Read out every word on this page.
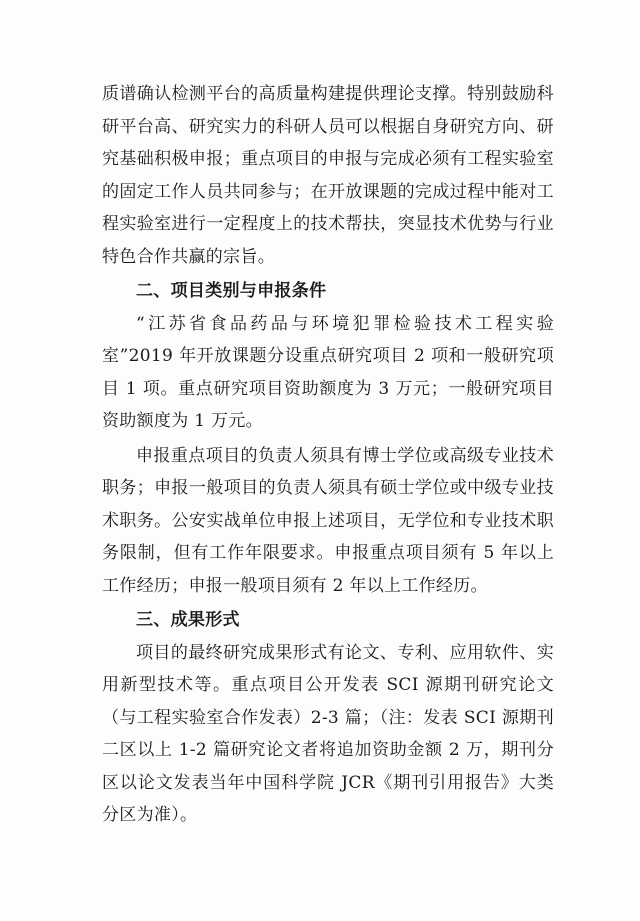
质谱确认检测平台的高质量构建提供理论支撑。特别鼓励科研平台高、研究实力的科研人员可以根据自身研究方向、研究基础积极申报；重点项目的申报与完成必须有工程实验室的固定工作人员共同参与；在开放课题的完成过程中能对工程实验室进行一定程度上的技术帮扶，突显技术优势与行业特色合作共赢的宗旨。

二、项目类别与申报条件

“江苏省食品药品与环境犯罪检验技术工程实验室”2019 年开放课题分设重点研究项目 2 项和一般研究项目 1 项。重点研究项目资助额度为 3 万元；一般研究项目资助额度为 1 万元。

申报重点项目的负责人须具有博士学位或高级专业技术职务；申报一般项目的负责人须具有硕士学位或中级专业技术职务。公安实战单位申报上述项目，无学位和专业技术职务限制，但有工作年限要求。申报重点项目须有 5 年以上工作经历；申报一般项目须有 2 年以上工作经历。

三、成果形式

项目的最终研究成果形式有论文、专利、应用软件、实用新型技术等。重点项目公开发表 SCI 源期刊研究论文（与工程实验室合作发表）2-3 篇；（注：发表 SCI 源期刊二区以上 1-2 篇研究论文者将追加资助金额 2 万，期刊分区以论文发表当年中国科学院 JCR《期刊引用报告》大类分区为准）。
